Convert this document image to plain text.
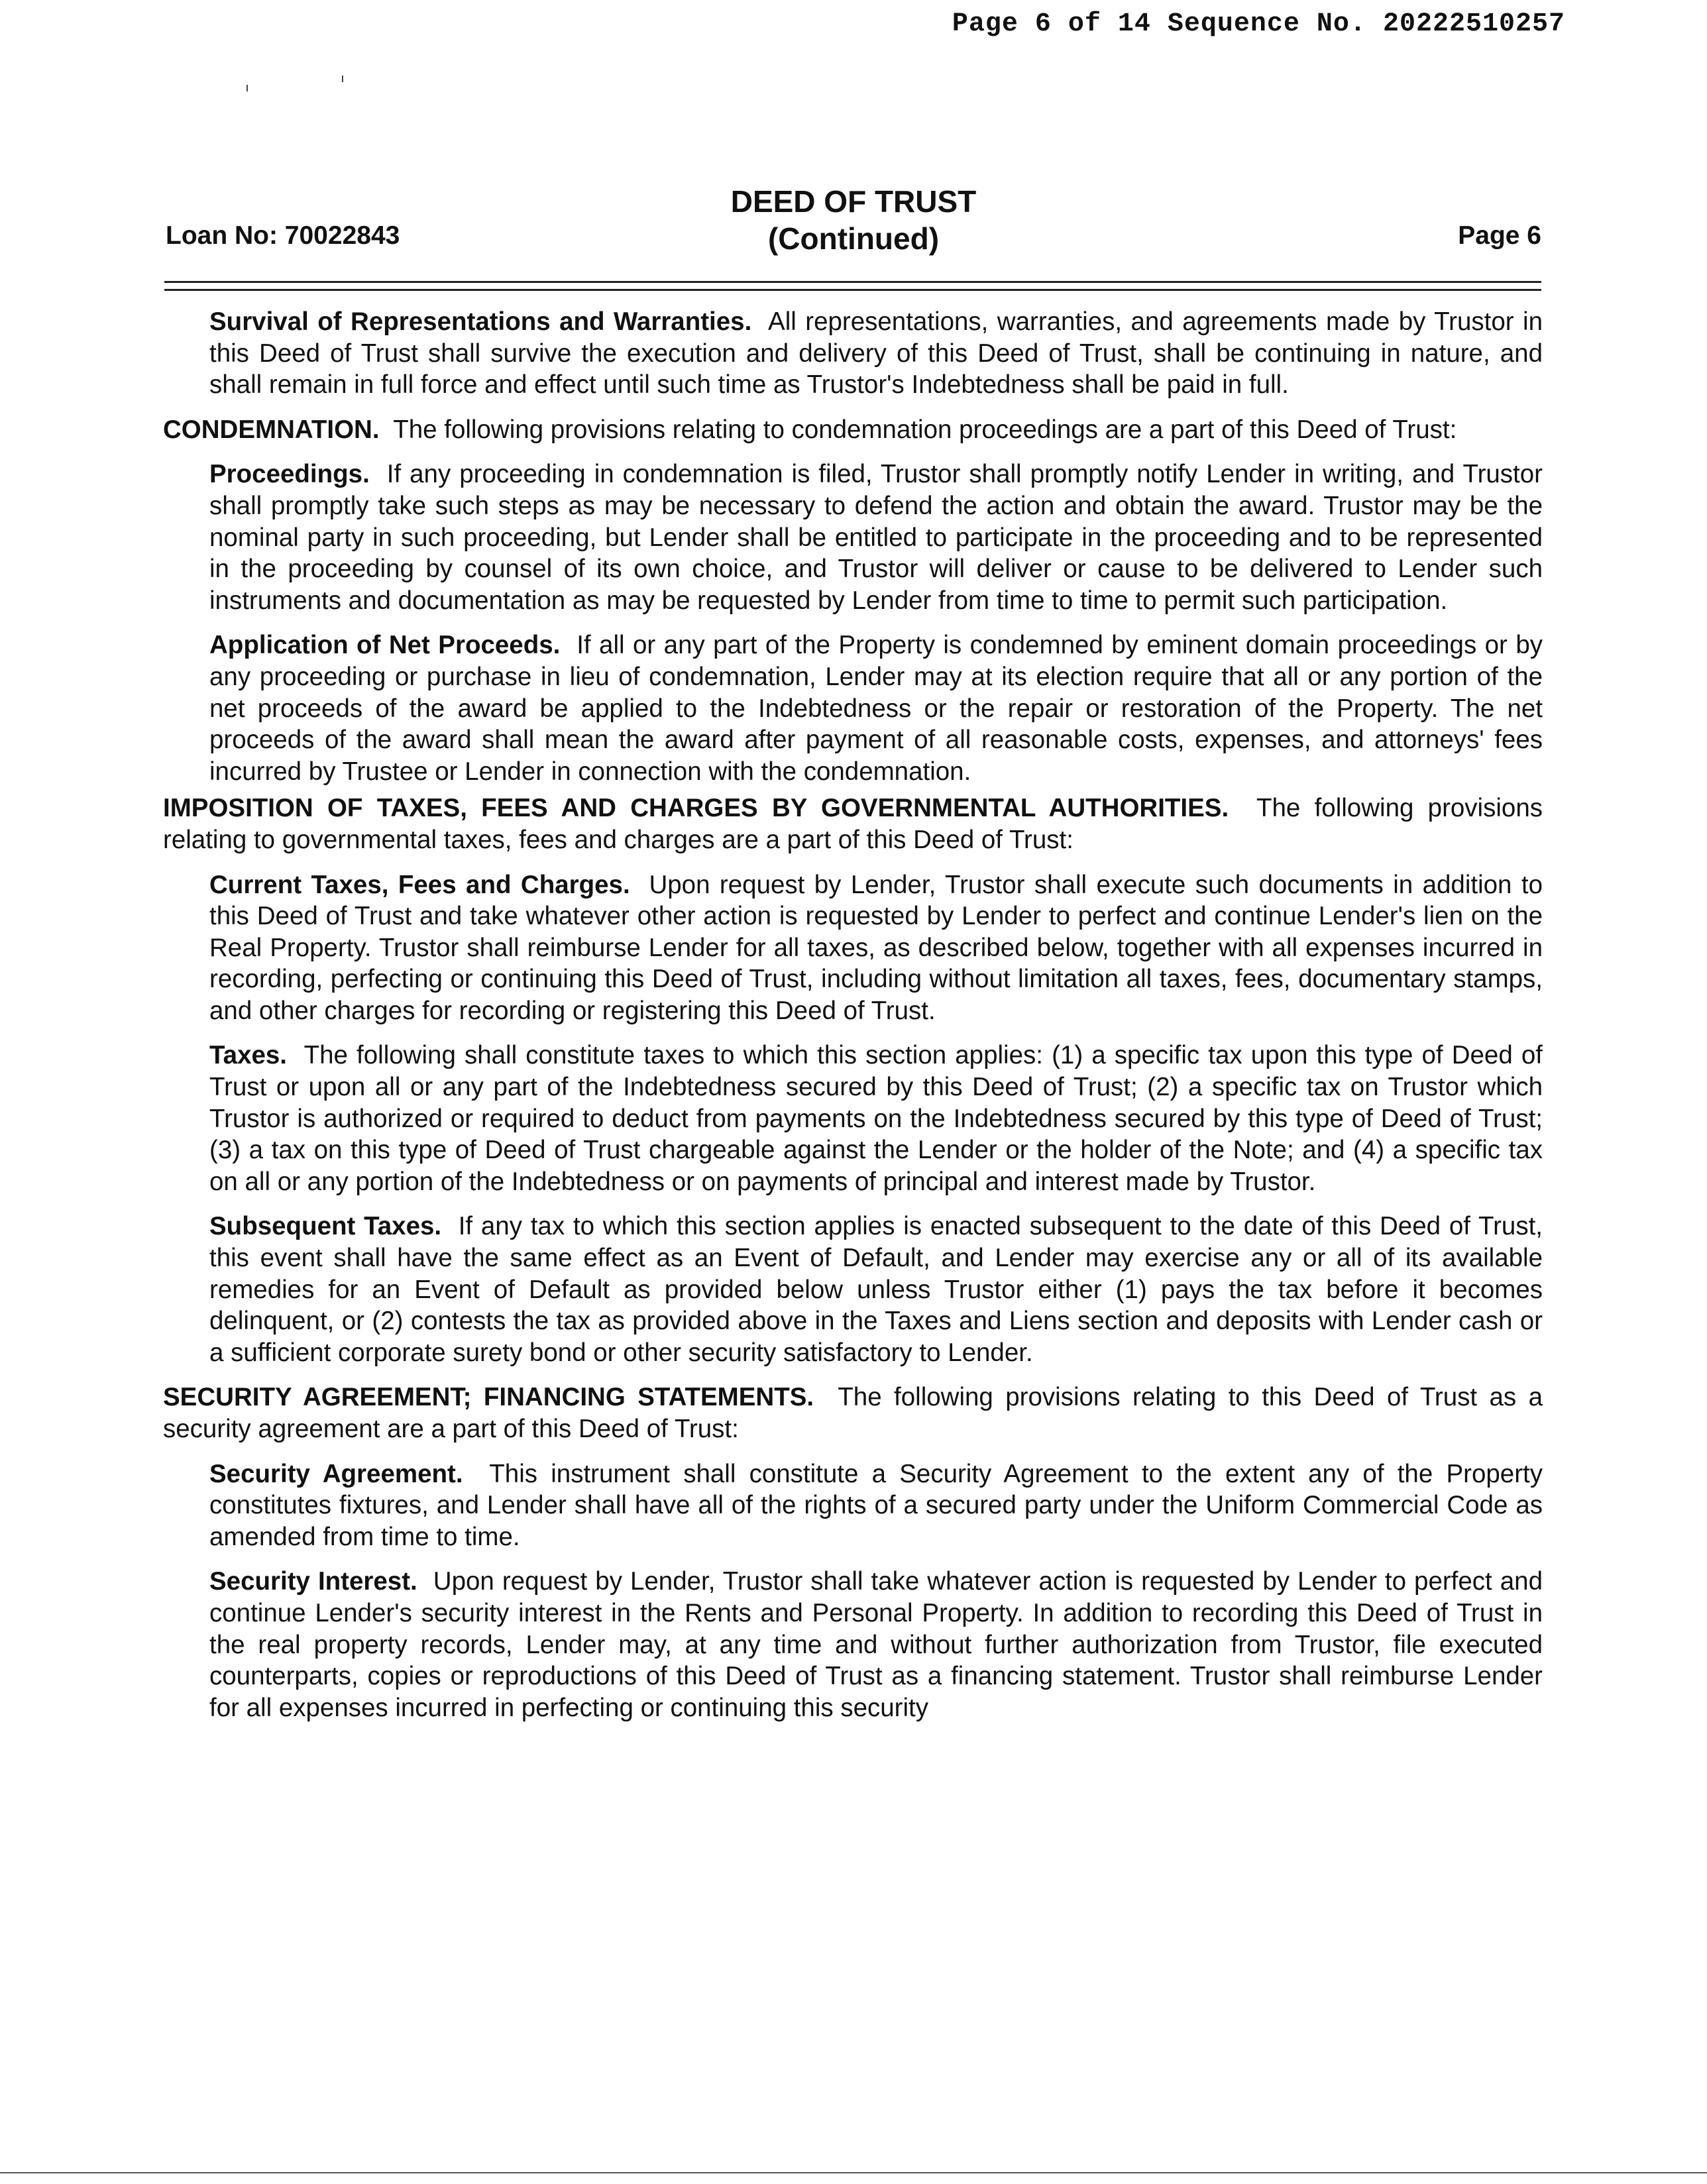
Page 6 of 14 Sequence No. 20222510257
DEED OF TRUST
(Continued)
Loan No: 70022843	Page 6

Survival of Representations and Warranties. All representations, warranties, and agreements made by Trustor in this Deed of Trust shall survive the execution and delivery of this Deed of Trust, shall be continuing in nature, and shall remain in full force and effect until such time as Trustor's Indebtedness shall be paid in full.

CONDEMNATION. The following provisions relating to condemnation proceedings are a part of this Deed of Trust:

Proceedings. If any proceeding in condemnation is filed, Trustor shall promptly notify Lender in writing, and Trustor shall promptly take such steps as may be necessary to defend the action and obtain the award. Trustor may be the nominal party in such proceeding, but Lender shall be entitled to participate in the proceeding and to be represented in the proceeding by counsel of its own choice, and Trustor will deliver or cause to be delivered to Lender such instruments and documentation as may be requested by Lender from time to time to permit such participation.

Application of Net Proceeds. If all or any part of the Property is condemned by eminent domain proceedings or by any proceeding or purchase in lieu of condemnation, Lender may at its election require that all or any portion of the net proceeds of the award be applied to the Indebtedness or the repair or restoration of the Property. The net proceeds of the award shall mean the award after payment of all reasonable costs, expenses, and attorneys' fees incurred by Trustee or Lender in connection with the condemnation.

IMPOSITION OF TAXES, FEES AND CHARGES BY GOVERNMENTAL AUTHORITIES. The following provisions relating to governmental taxes, fees and charges are a part of this Deed of Trust:

Current Taxes, Fees and Charges. Upon request by Lender, Trustor shall execute such documents in addition to this Deed of Trust and take whatever other action is requested by Lender to perfect and continue Lender's lien on the Real Property. Trustor shall reimburse Lender for all taxes, as described below, together with all expenses incurred in recording, perfecting or continuing this Deed of Trust, including without limitation all taxes, fees, documentary stamps, and other charges for recording or registering this Deed of Trust.

Taxes. The following shall constitute taxes to which this section applies: (1) a specific tax upon this type of Deed of Trust or upon all or any part of the Indebtedness secured by this Deed of Trust; (2) a specific tax on Trustor which Trustor is authorized or required to deduct from payments on the Indebtedness secured by this type of Deed of Trust; (3) a tax on this type of Deed of Trust chargeable against the Lender or the holder of the Note; and (4) a specific tax on all or any portion of the Indebtedness or on payments of principal and interest made by Trustor.

Subsequent Taxes. If any tax to which this section applies is enacted subsequent to the date of this Deed of Trust, this event shall have the same effect as an Event of Default, and Lender may exercise any or all of its available remedies for an Event of Default as provided below unless Trustor either (1) pays the tax before it becomes delinquent, or (2) contests the tax as provided above in the Taxes and Liens section and deposits with Lender cash or a sufficient corporate surety bond or other security satisfactory to Lender.

SECURITY AGREEMENT; FINANCING STATEMENTS. The following provisions relating to this Deed of Trust as a security agreement are a part of this Deed of Trust:

Security Agreement. This instrument shall constitute a Security Agreement to the extent any of the Property constitutes fixtures, and Lender shall have all of the rights of a secured party under the Uniform Commercial Code as amended from time to time.

Security Interest. Upon request by Lender, Trustor shall take whatever action is requested by Lender to perfect and continue Lender's security interest in the Rents and Personal Property. In addition to recording this Deed of Trust in the real property records, Lender may, at any time and without further authorization from Trustor, file executed counterparts, copies or reproductions of this Deed of Trust as a financing statement. Trustor shall reimburse Lender for all expenses incurred in perfecting or continuing this security
